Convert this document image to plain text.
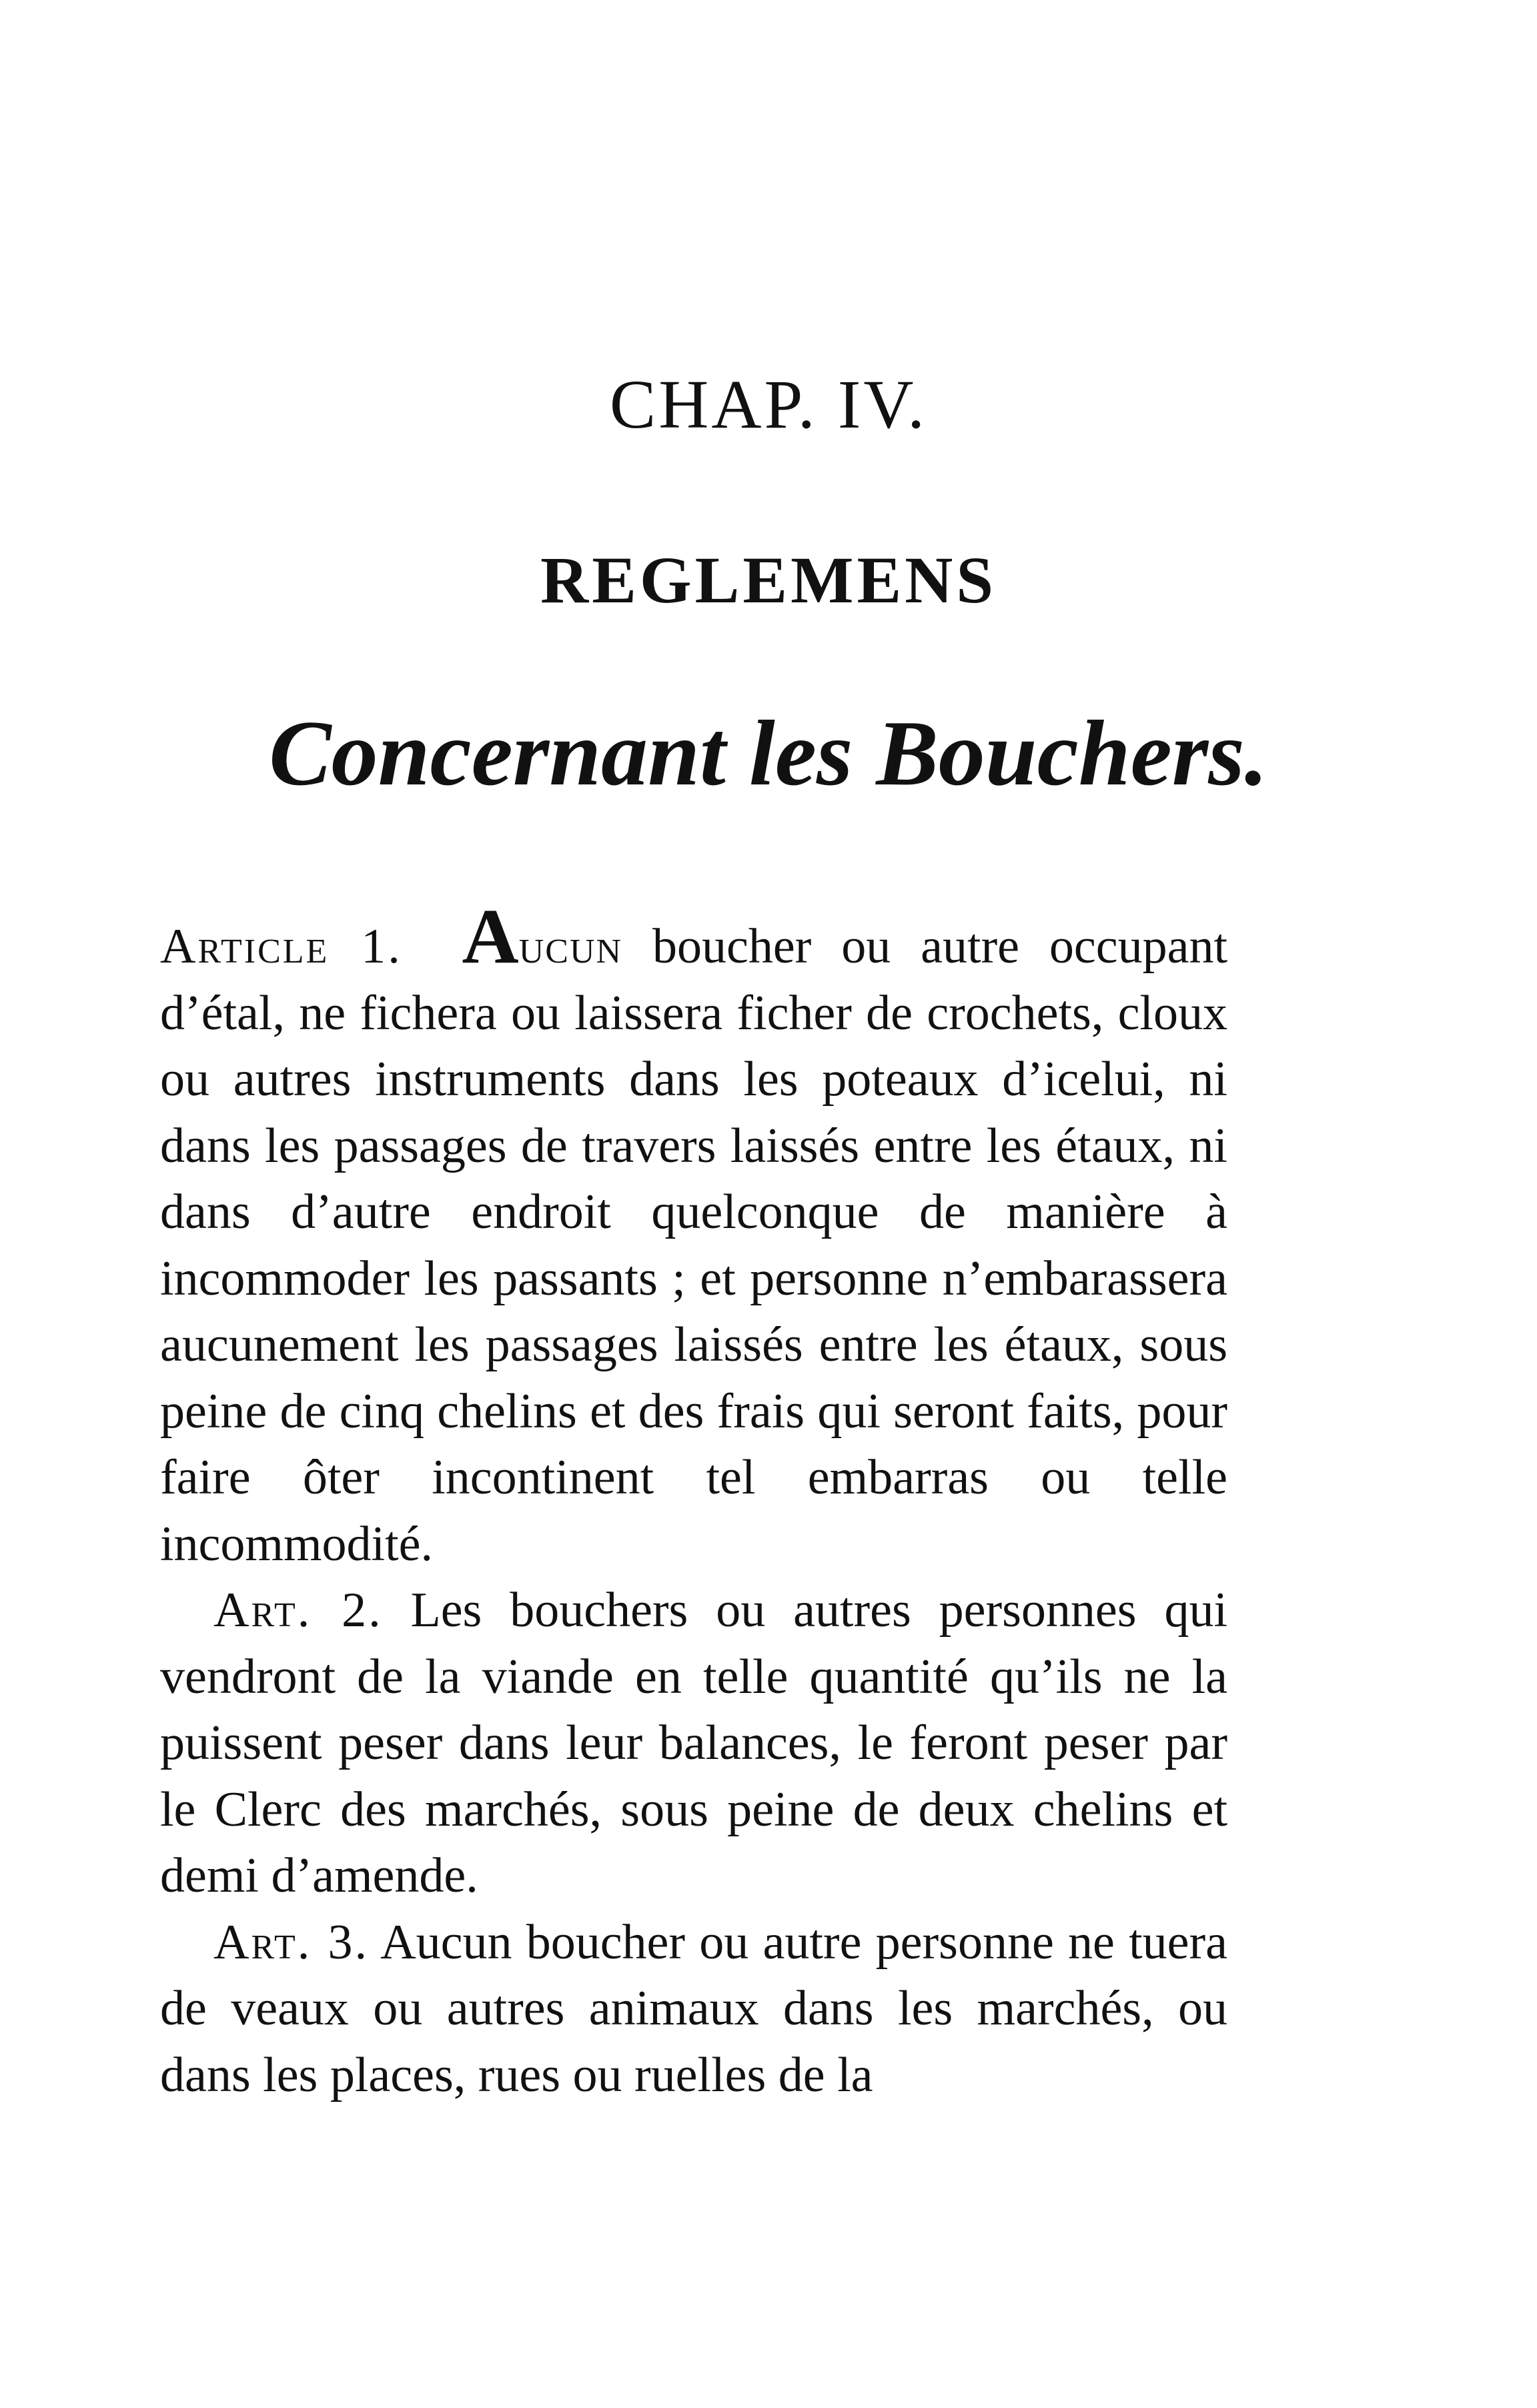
CHAP. IV.
REGLEMENS
Concernant les Bouchers.

Article 1. Aucun boucher ou autre occupant d’étal, ne fichera ou laissera ficher de crochets, cloux ou autres instruments dans les poteaux d’icelui, ni dans les passages de travers laissés entre les étaux, ni dans d’autre endroit quelconque de manière à incommoder les passants ; et personne n’embarassera aucunement les passages laissés entre les étaux, sous peine de cinq chelins et des frais qui seront faits, pour faire ôter incontinent tel embarras ou telle incommodité.

Art. 2. Les bouchers ou autres personnes qui vendront de la viande en telle quantité qu’ils ne la puissent peser dans leur balances, le feront peser par le Clerc des marchés, sous peine de deux chelins et demi d’amende.

Art. 3. Aucun boucher ou autre personne ne tuera de veaux ou autres animaux dans les marchés, ou dans les places, rues ou ruelles de la
